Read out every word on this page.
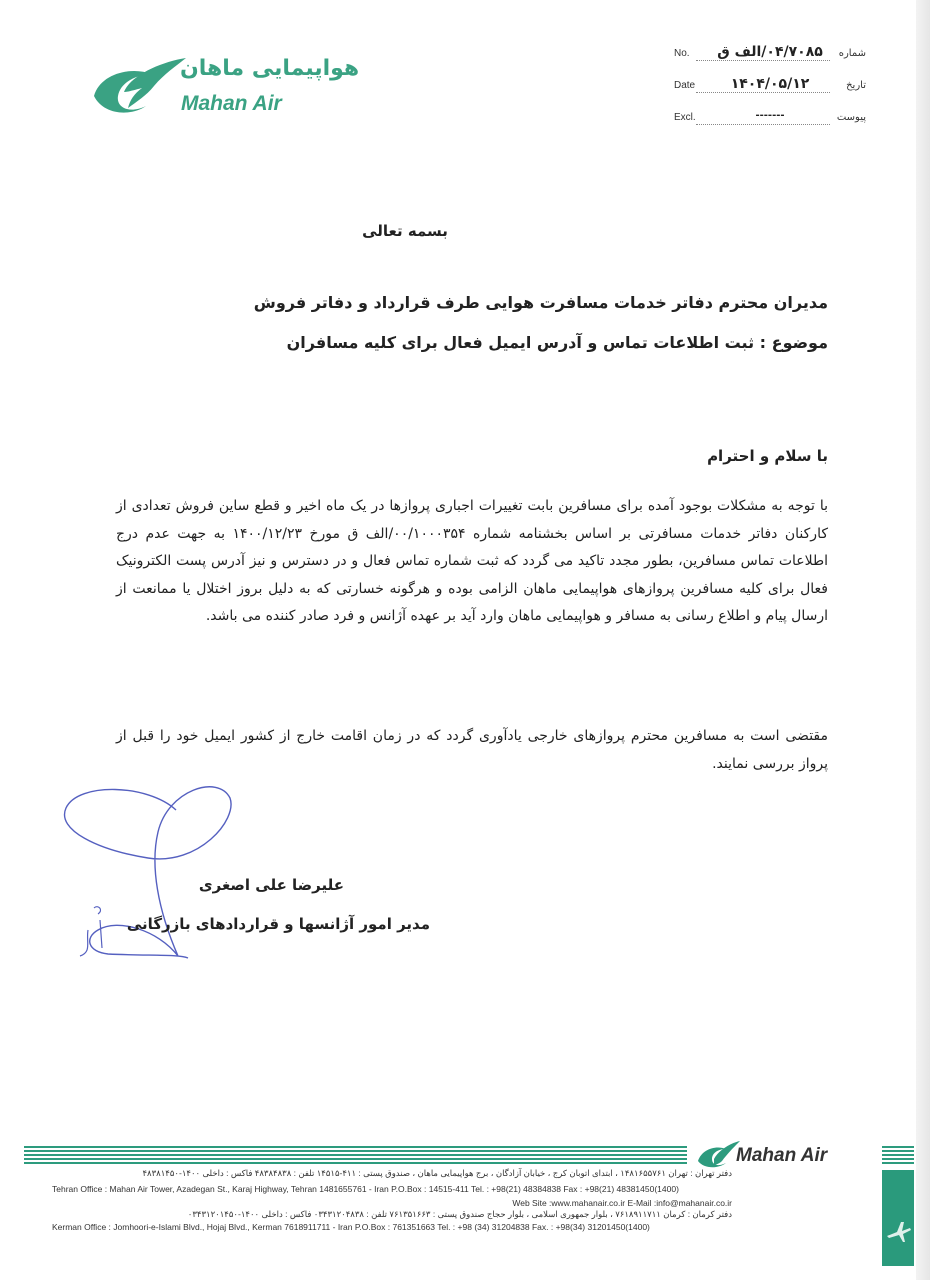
هواپیمایی ماهان
Mahan Air
No. ۰۴/۷۰۸۵/الف ق	شماره
Date	۱۴۰۴/۰۵/۱۲	تاریخ
Excl.	-------	پیوست
بسمه تعالی
مدیران محترم دفاتر خدمات مسافرت هوایی طرف قرارداد و دفاتر فروش
موضوع : ثبت اطلاعات تماس و آدرس ایمیل فعال برای کلیه مسافران
با سلام و احترام
با توجه به مشکلات بوجود آمده برای مسافرین بابت تغییرات اجباری پروازها در یک ماه اخیر و قطع ساین فروش تعدادی از کارکنان دفاتر خدمات مسافرتی بر اساس بخشنامه شماره ۰۰/۱۰۰۰۳۵۴/الف ق مورخ ۱۴۰۰/۱۲/۲۳ به جهت عدم درج اطلاعات تماس مسافرین، بطور مجدد تاکید می گردد که ثبت شماره تماس فعال و در دسترس و نیز آدرس پست الکترونیک فعال برای کلیه مسافرین پروازهای هواپیمایی ماهان الزامی بوده و هرگونه خسارتی که به دلیل بروز اختلال یا ممانعت از ارسال پیام و اطلاع رسانی به مسافر و هواپیمایی ماهان وارد آید بر عهده آژانس و فرد صادر کننده می باشد.
مقتضی است به مسافرین محترم پروازهای خارجی یادآوری گردد که در زمان اقامت خارج از کشور ایمیل خود را قبل از پرواز بررسی نمایند.
علیرضا علی اصغری
مدیر امور آژانسها و قراردادهای بازرگانی
Mahan Air
دفتر تهران : تهران ۱۴۸۱۶۵۵۷۶۱ ، ابتدای اتوبان کرج ، خیابان آزادگان ، برج هواپیمایی ماهان ، صندوق پستی : ۴۱۱-۱۴۵۱۵ تلفن : ۴۸۳۸۴۸۳۸ فاکس : داخلی ۱۴۰۰-۴۸۳۸۱۴۵۰
Tehran Office : Mahan Air Tower, Azadegan St., Karaj Highway, Tehran 1481655761 - Iran P.O.Box : 14515-411 Tel. : +98(21) 48384838 Fax : +98(21) 48381450(1400)
Web Site :www.mahanair.co.ir E-Mail :info@mahanair.co.ir
دفتر کرمان : کرمان ۷۶۱۸۹۱۱۷۱۱ ، بلوار جمهوری اسلامی ، بلوار حجاج صندوق پستی : ۷۶۱۳۵۱۶۶۳ تلفن : ۰۳۴۳۱۲۰۴۸۳۸ فاکس : داخلی ۱۴۰۰-۰۳۴۳۱۲۰۱۴۵۰
Kerman Office : Jomhoori-e-Islami Blvd., Hojaj Blvd., Kerman 7618911711 - Iran P.O.Box : 761351663 Tel. : +98 (34) 31204838 Fax. : +98(34) 31201450(1400)
